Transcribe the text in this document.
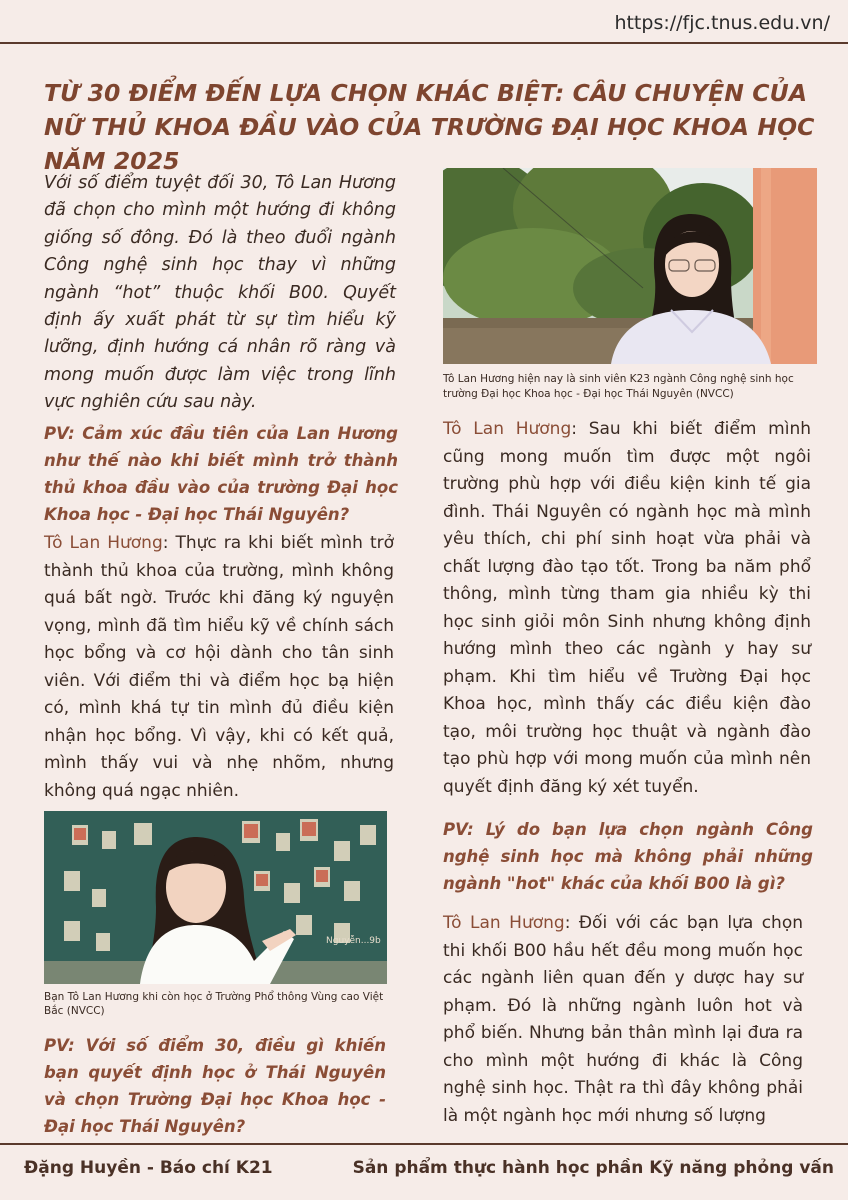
https://fjc.tnus.edu.vn/
TỪ 30 ĐIỂM ĐẾN LỰA CHỌN KHÁC BIỆT: CÂU CHUYỆN CỦA NỮ THỦ KHOA ĐẦU VÀO CỦA TRƯỜNG ĐẠI HỌC KHOA HỌC NĂM 2025

Với số điểm tuyệt đối 30, Tô Lan Hương đã chọn cho mình một hướng đi không giống số đông. Đó là theo đuổi ngành Công nghệ sinh học thay vì những ngành “hot” thuộc khối B00. Quyết định ấy xuất phát từ sự tìm hiểu kỹ lưỡng, định hướng cá nhân rõ ràng và mong muốn được làm việc trong lĩnh vực nghiên cứu sau này.

PV: Cảm xúc đầu tiên của Lan Hương như thế nào khi biết mình trở thành thủ khoa đầu vào của trường Đại học Khoa học - Đại học Thái Nguyên?

Tô Lan Hương: Thực ra khi biết mình trở thành thủ khoa của trường, mình không quá bất ngờ. Trước khi đăng ký nguyện vọng, mình đã tìm hiểu kỹ về chính sách học bổng và cơ hội dành cho tân sinh viên. Với điểm thi và điểm học bạ hiện có, mình khá tự tin mình đủ điều kiện nhận học bổng. Vì vậy, khi có kết quả, mình thấy vui và nhẹ nhõm, nhưng không quá ngạc nhiên.

Nguyễn...9b

Bạn Tô Lan Hương khi còn học ở Trường Phổ thông Vùng cao Việt Bắc (NVCC)

PV: Với số điểm 30, điều gì khiến bạn quyết định học ở Thái Nguyên và chọn Trường Đại học Khoa học - Đại học Thái Nguyên?

Tô Lan Hương hiện nay là sinh viên K23 ngành Công nghệ sinh học trường Đại học Khoa học - Đại học Thái Nguyên (NVCC)

Tô Lan Hương: Sau khi biết điểm mình cũng mong muốn tìm được một ngôi trường phù hợp với điều kiện kinh tế gia đình. Thái Nguyên có ngành học mà mình yêu thích, chi phí sinh hoạt vừa phải và chất lượng đào tạo tốt. Trong ba năm phổ thông, mình từng tham gia nhiều kỳ thi học sinh giỏi môn Sinh nhưng không định hướng mình theo các ngành y hay sư phạm. Khi tìm hiểu về Trường Đại học Khoa học, mình thấy các điều kiện đào tạo, môi trường học thuật và ngành đào tạo phù hợp với mong muốn của mình nên quyết định đăng ký xét tuyển.

PV: Lý do bạn lựa chọn ngành Công nghệ sinh học mà không phải những ngành "hot" khác của khối B00 là gì?

Tô Lan Hương: Đối với các bạn lựa chọn thi khối B00 hầu hết đều mong muốn học các ngành liên quan đến y dược hay sư phạm. Đó là những ngành luôn hot và phổ biến. Nhưng bản thân mình lại đưa ra cho mình một hướng đi khác là Công nghệ sinh học. Thật ra thì đây không phải là một ngành học mới nhưng số lượng

Đặng Huyền - Báo chí K21	Sản phẩm thực hành học phần Kỹ năng phỏng vấn
